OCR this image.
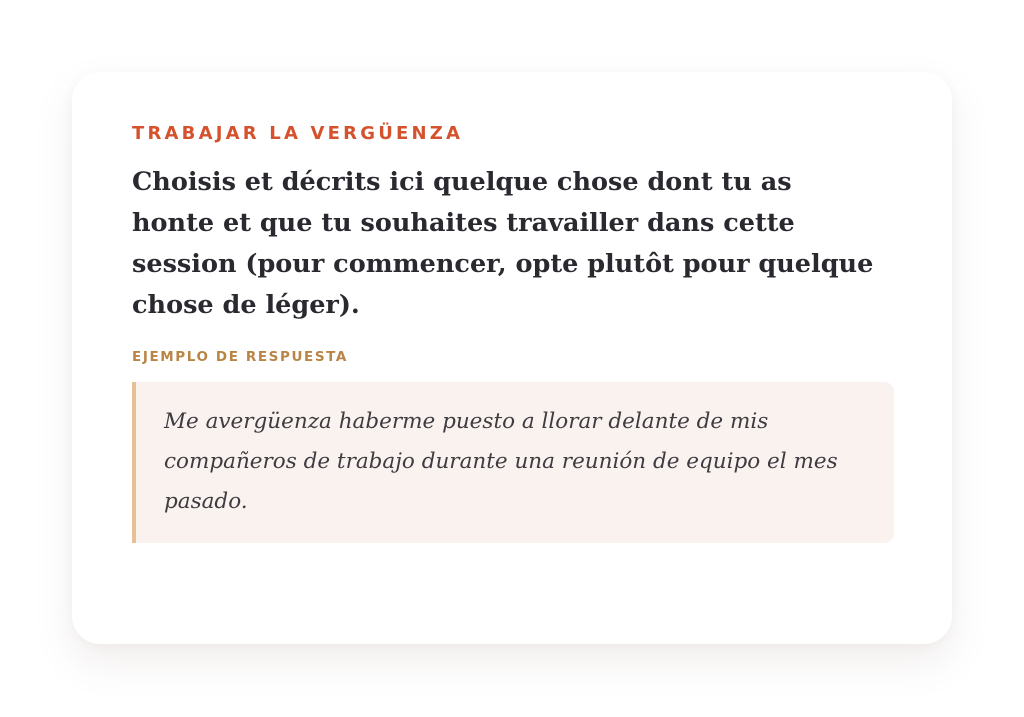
TRABAJAR LA VERGÜENZA

Choisis et décrits ici quelque chose dont tu as honte et que tu souhaites travailler dans cette session (pour commencer, opte plutôt pour quelque chose de léger).

EJEMPLO DE RESPUESTA

Me avergüenza haberme puesto a llorar delante de mis compañeros de trabajo durante una reunión de equipo el mes pasado.
